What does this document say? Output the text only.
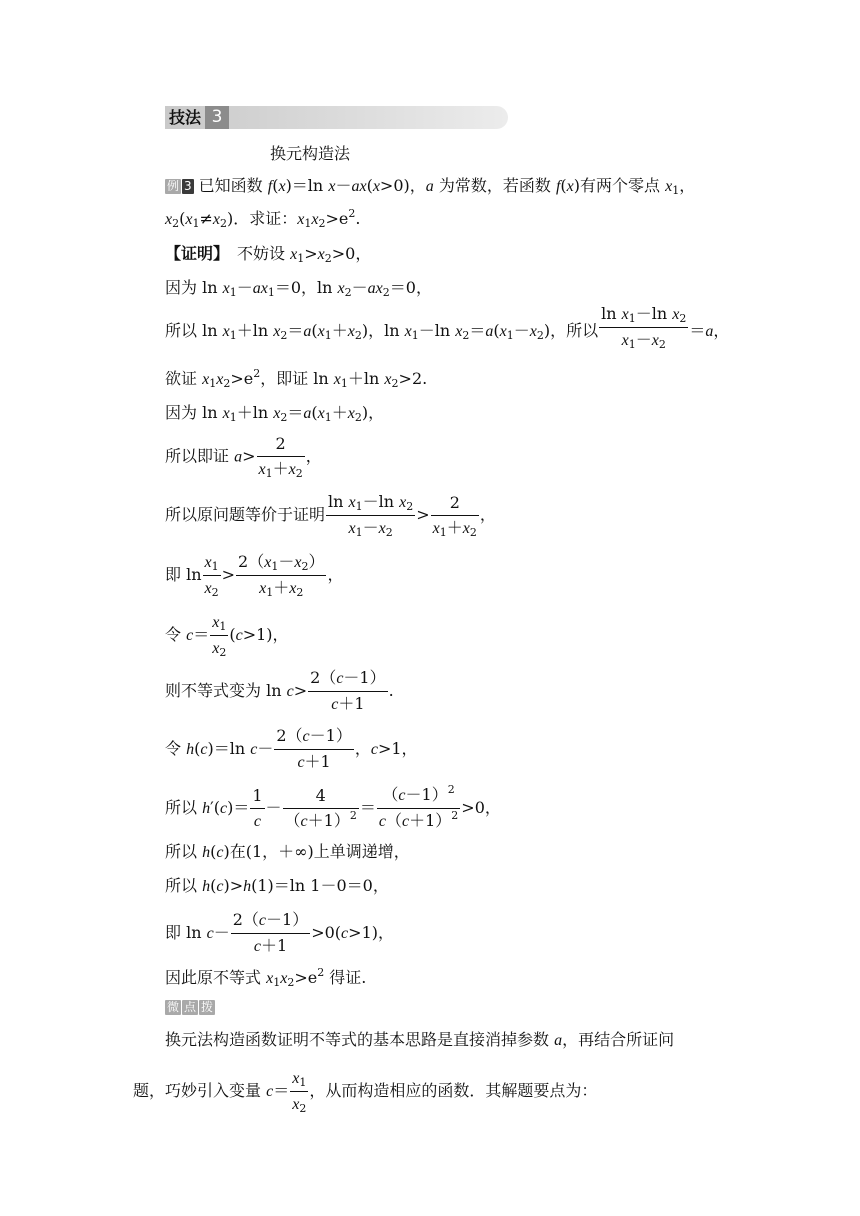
技法 3
换元构造法
例 3 已知函数 f(x)＝ln x－ax(x>0)，a 为常数，若函数 f(x)有两个零点 $x_1$，
$x_2(x_1\ne x_2)$．求证：$x_1x_2>e^2$.
【证明】　不妨设 $x_1>x_2>0$，
因为 $\ln x_1-ax_1=0$，$\ln x_2-ax_2=0$，
所以 $\ln x_1+\ln$ $x_2=a(x_1+x_2)$，$\ln x_1-\ln$ $x_2=a(x_1-x_2)$，所以 $\frac{\ln x_1-\ln x_2}{x_1-x_2} =a$，
欲证 $x_1x_2>e^2$，即证 $\ln x_1+\ln$ $x_2>2$.
因为 $\ln x_1+\ln$ $x_2=a(x_1+x_2)$，
所以即证 $a> \frac{2}{x_1+x_2}$ ，
所以原问题等价于证明 $\frac{\ln x_1-\ln x_2}{x_1-x_2} > \frac{2}{x_1+x_2}$ ，
即 $\ln \frac{x_1}{x_2} > \frac{2(x_1-x_2)}{x_1+x_2}$ ，
令 $c= \frac{x_1}{x_2} (c>1)$，
则不等式变为 $\ln c> \frac{2(c-1)}{c+1}$ .
令 h(c)＝ln $c- \frac{2(c-1)}{c+1}$ ，c>1，
所以 $h'(c)= \frac{1}{c} - \frac{4}{(c+1)^2} = \frac{(c-1)^2}{c(c+1)^2} >0$，
所以 h(c)在(1，＋∞)上单调递增，
所以 h(c)>h(1)＝ln 1－0＝0，
即 $\ln c- \frac{2(c-1)}{c+1} >0(c>1)$，
因此原不等式 $x_1x_2>e^2$ 得证.
微 点 拨
换元法构造函数证明不等式的基本思路是直接消掉参数 a，再结合所证问
题，巧妙引入变量 $c= \frac{x_1}{x_2}$ ，从而构造相应的函数．其解题要点为：
